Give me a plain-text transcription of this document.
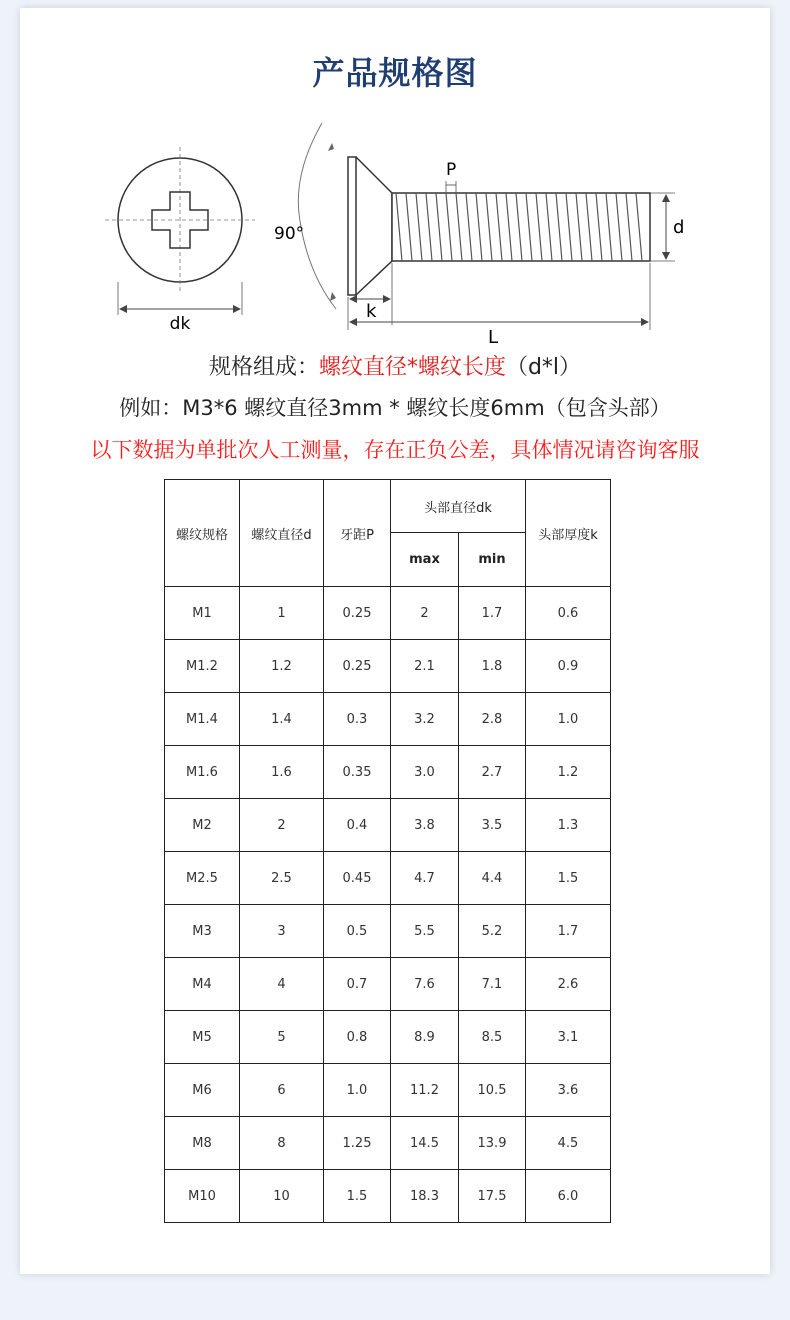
产品规格图
dk
90°	d
P
k
L
规格组成：螺纹直径*螺纹长度（d*l）
例如：M3*6 螺纹直径3mm * 螺纹长度6mm（包含头部）
以下数据为单批次人工测量，存在正负公差，具体情况请咨询客服
螺纹规格	螺纹直径d	牙距P	头部直径dk		头部厚度k
			max	min	
M1	1	0.25	2	1.7	0.6
M1.2	1.2	0.25	2.1	1.8	0.9
M1.4	1.4	0.3	3.2	2.8	1.0
M1.6	1.6	0.35	3.0	2.7	1.2
M2	2	0.4	3.8	3.5	1.3
M2.5	2.5	0.45	4.7	4.4	1.5
M3	3	0.5	5.5	5.2	1.7
M4	4	0.7	7.6	7.1	2.6
M5	5	0.8	8.9	8.5	3.1
M6	6	1.0	11.2	10.5	3.6
M8	8	1.25	14.5	13.9	4.5
M10	10	1.5	18.3	17.5	6.0
